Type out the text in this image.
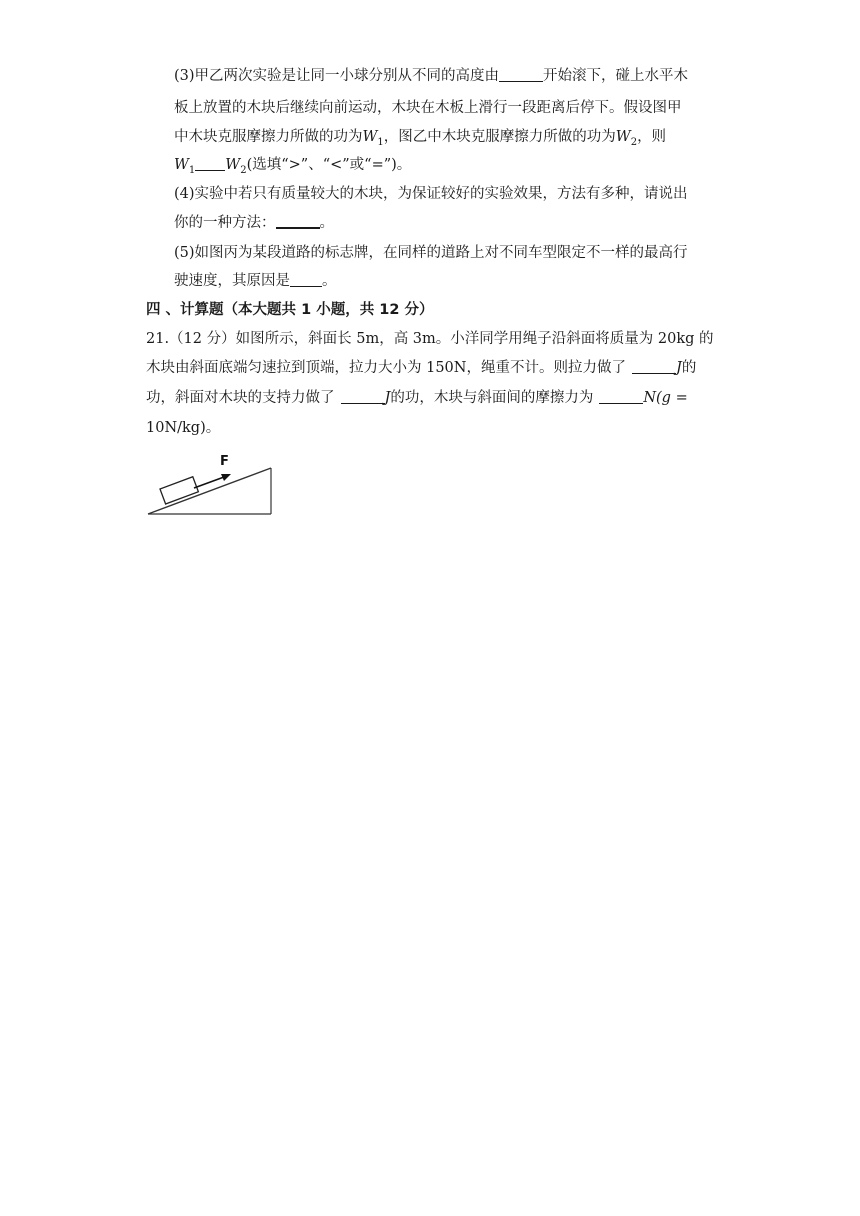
(3)甲乙两次实验是让同一小球分别从不同的高度由	开始滚下，碰上水平木
板上放置的木块后继续向前运动，木块在木板上滑行一段距离后停下。假设图甲
中木块克服摩擦力所做的功为$W_1$，图乙中木块克服摩擦力所做的功为$W_2$，则
$W_1$ $W_2$(选填“>”、“<”或“=”)。
(4)实验中若只有质量较大的木块，为保证较好的实验效果，方法有多种，请说出
你的一种方法：	。
(5)如图丙为某段道路的标志牌，在同样的道路上对不同车型限定不一样的最高行
驶速度，其原因是 。
四 、计算题（本大题共 1 小题，共 12 分）
21.（12 分）如图所示，斜面长 5m，高 3m。小洋同学用绳子沿斜面将质量为 20kg 的
木块由斜面底端匀速拉到顶端，拉力大小为 150N，绳重不计。则拉力做了	J的
功，斜面对木块的支持力做了	J的功，木块与斜面间的摩擦力为	N(g =
10N/kg)。
F
